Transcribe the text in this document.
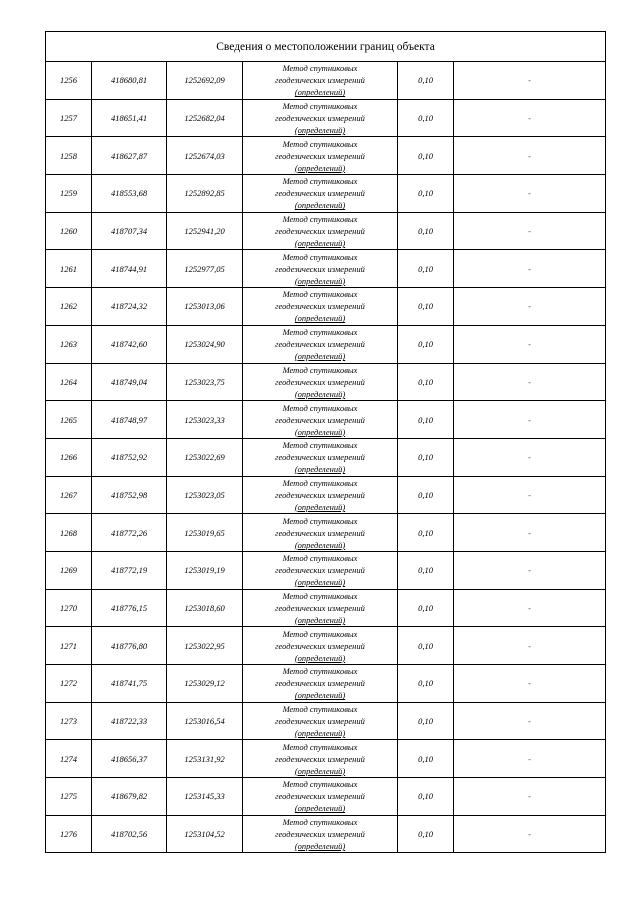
Сведения о местоположении границ объекта					
1256	418680,81	1252692,09	Метод спутниковых
геодезических измерений
(определений)	0,10	-
1257	418651,41	1252682,04	Метод спутниковых
геодезических измерений
(определений)	0,10	-
1258	418627,87	1252674,03	Метод спутниковых
геодезических измерений
(определений)	0,10	-
1259	418553,68	1252892,85	Метод спутниковых
геодезических измерений
(определений)	0,10	-
1260	418707,34	1252941,20	Метод спутниковых
геодезических измерений
(определений)	0,10	-
1261	418744,91	1252977,05	Метод спутниковых
геодезических измерений
(определений)	0,10	-
1262	418724,32	1253013,06	Метод спутниковых
геодезических измерений
(определений)	0,10	-
1263	418742,60	1253024,90	Метод спутниковых
геодезических измерений
(определений)	0,10	-
1264	418749,04	1253023,75	Метод спутниковых
геодезических измерений
(определений)	0,10	-
1265	418748,97	1253023,33	Метод спутниковых
геодезических измерений
(определений)	0,10	-
1266	418752,92	1253022,69	Метод спутниковых
геодезических измерений
(определений)	0,10	-
1267	418752,98	1253023,05	Метод спутниковых
геодезических измерений
(определений)	0,10	-
1268	418772,26	1253019,65	Метод спутниковых
геодезических измерений
(определений)	0,10	-
1269	418772,19	1253019,19	Метод спутниковых
геодезических измерений
(определений)	0,10	-
1270	418776,15	1253018,60	Метод спутниковых
геодезических измерений
(определений)	0,10	-
1271	418776,80	1253022,95	Метод спутниковых
геодезических измерений
(определений)	0,10	-
1272	418741,75	1253029,12	Метод спутниковых
геодезических измерений
(определений)	0,10	-
1273	418722,33	1253016,54	Метод спутниковых
геодезических измерений
(определений)	0,10	-
1274	418656,37	1253131,92	Метод спутниковых
геодезических измерений
(определений)	0,10	-
1275	418679,82	1253145,33	Метод спутниковых
геодезических измерений
(определений)	0,10	-
1276	418702,56	1253104,52	Метод спутниковых
геодезических измерений
(определений)	0,10	-
